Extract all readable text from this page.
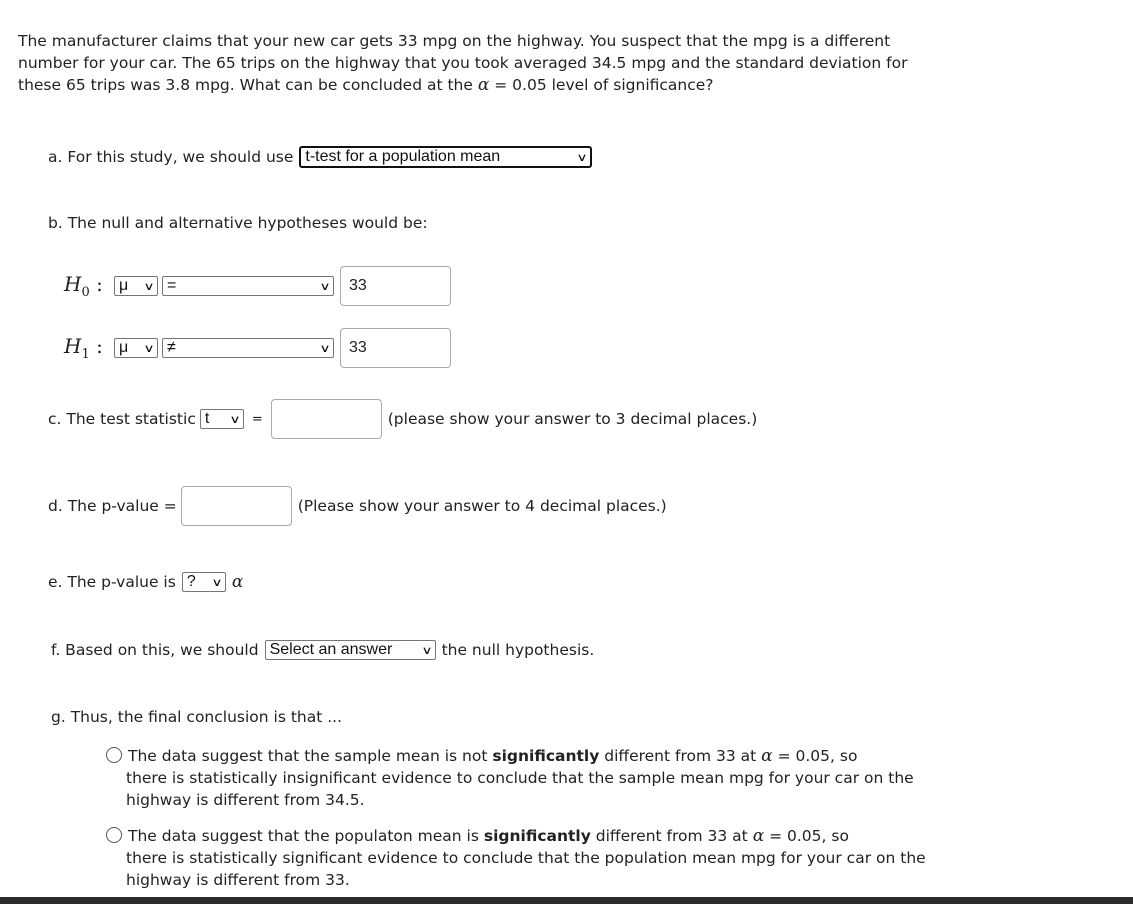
The manufacturer claims that your new car gets 33 mpg on the highway. You suspect that the mpg is a different number for your car. The 65 trips on the highway that you took averaged 34.5 mpg and the standard deviation for these 65 trips was 3.8 mpg. What can be concluded at the α = 0.05 level of significance?

a. For this study, we should use t-test for a population mean	∨

b. The null and alternative hypotheses would be:

$H_0$ :	μ ∨ =	∨	33
$H_1$ :	μ ∨ ≠	∨	33
c. The test statistic t ∨ =	(please show your answer to 3 decimal places.)
d. The p-value =	(Please show your answer to 4 decimal places.)
e. The p-value is ? ∨ α
f. Based on this, we should Select an answer	∨ the null hypothesis.

g. Thus, the final conclusion is that ...

The data suggest that the sample mean is not significantly different from 33 at α = 0.05, so
there is statistically insignificant evidence to conclude that the sample mean mpg for your car on the highway is different from 34.5.
The data suggest that the populaton mean is significantly different from 33 at α = 0.05, so
there is statistically significant evidence to conclude that the population mean mpg for your car on the highway is different from 33.
